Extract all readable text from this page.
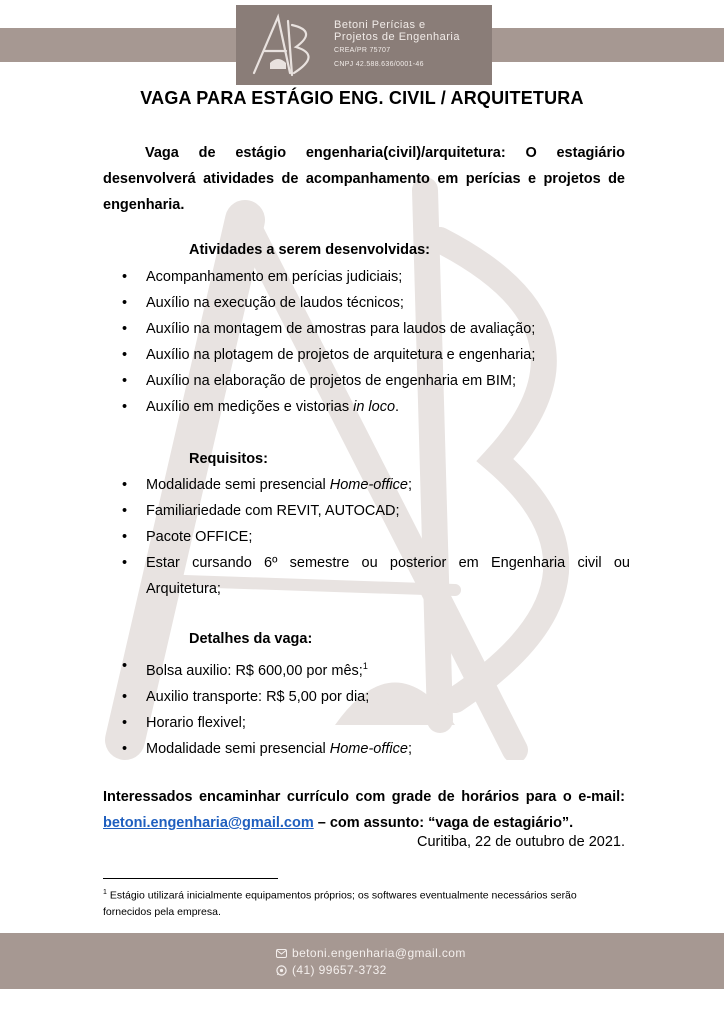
Betoni Perícias e
Projetos de Engenharia
CREA/PR 75707
CNPJ 42.588.636/0001-46
VAGA PARA ESTÁGIO ENG. CIVIL / ARQUITETURA
Vaga de estágio engenharia(civil)/arquitetura: O estagiário desenvolverá atividades de acompanhamento em perícias e projetos de engenharia.
Atividades a serem desenvolvidas:
• Acompanhamento em perícias judiciais;
• Auxílio na execução de laudos técnicos;
• Auxílio na montagem de amostras para laudos de avaliação;
• Auxílio na plotagem de projetos de arquitetura e engenharia;
• Auxílio na elaboração de projetos de engenharia em BIM;
• Auxílio em medições e vistorias in loco.
Requisitos:
• Modalidade semi presencial Home-office;
• Familiariedade com REVIT, AUTOCAD;
• Pacote OFFICE;
• Estar cursando 6º semestre ou posterior em Engenharia civil ou Arquitetura;
Detalhes da vaga:
• Bolsa auxilio: R$ 600,00 por mês;$^1$
• Auxilio transporte: R$ 5,00 por dia;
• Horario flexivel;
• Modalidade semi presencial Home-office;
Interessados encaminhar currículo com grade de horários para o e-mail: betoni.engenharia@gmail.com – com assunto: “vaga de estagiário”.
Curitiba, 22 de outubro de 2021.
$^1$ Estágio utilizará inicialmente equipamentos próprios; os softwares eventualmente necessários serão fornecidos pela empresa.
betoni.engenharia@gmail.com
(41) 99657-3732
